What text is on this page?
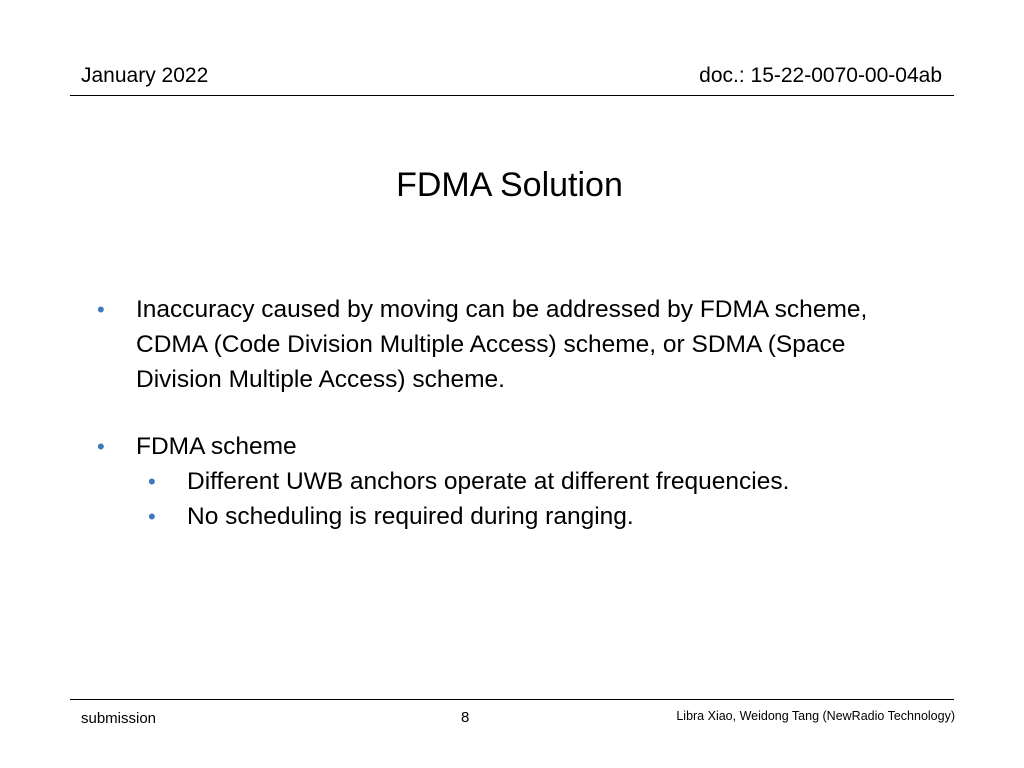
January 2022	doc.: 15-22-0070-00-04ab
FDMA Solution
• Inaccuracy caused by moving can be addressed by FDMA scheme, CDMA (Code Division Multiple Access) scheme, or SDMA (Space Division Multiple Access) scheme.
• FDMA scheme
• Different UWB anchors operate at different frequencies.
• No scheduling is required during ranging.
submission	8	Libra Xiao, Weidong Tang (NewRadio Technology)
